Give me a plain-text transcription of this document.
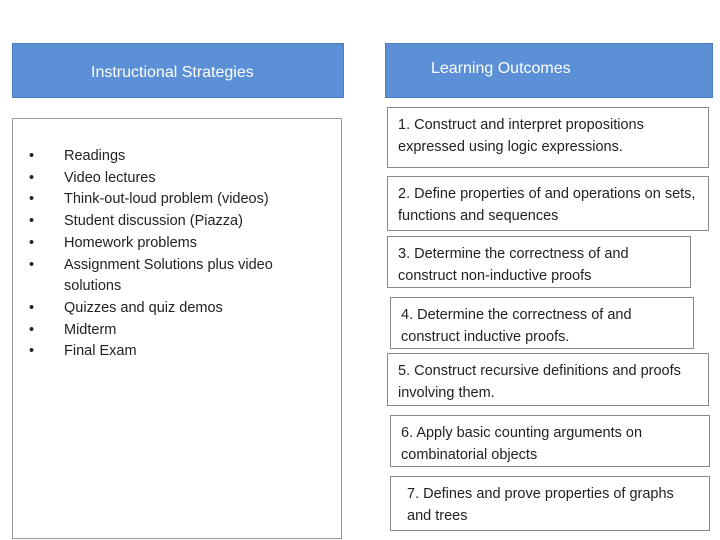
Instructional Strategies	Learning Outcomes
• Readings
• Video lectures
• Think-out-loud problem (videos)
• Student discussion (Piazza)
• Homework problems
• Assignment Solutions plus video solutions
• Quizzes and quiz demos
• Midterm
• Final Exam
1. Construct and interpret propositions expressed using logic expressions.
2. Define properties of and operations on sets, functions and sequences
3. Determine the correctness of and construct non-inductive proofs
4. Determine the correctness of and construct inductive proofs.
5. Construct recursive definitions and proofs involving them.
6. Apply basic counting arguments on combinatorial objects
7. Defines and prove properties of graphs and trees
